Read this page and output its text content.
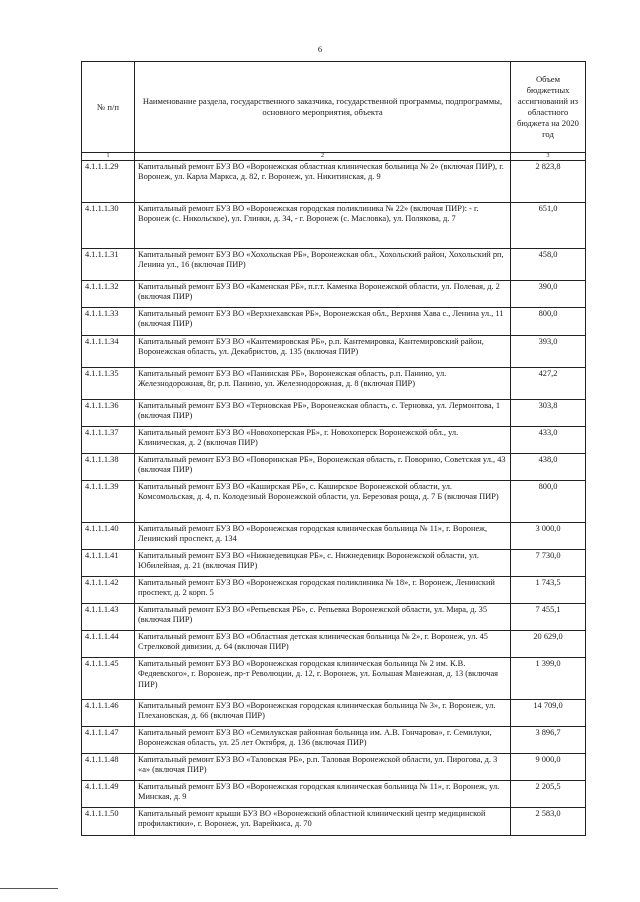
6
№ п/п	Наименование раздела, государственного заказчика, государственной программы, подпрограммы, основного мероприятия, объекта	Объем бюджетных ассигнований из областного бюджета на 2020 год
1	2	3
4.1.1.1.29	Капитальный ремонт БУЗ ВО «Воронежская областная клиническая больница № 2» (включая ПИР), г. Воронеж, ул. Карла Маркса, д. 82, г. Воронеж, ул. Никитинская, д. 9	2 823,8
4.1.1.1.30	Капитальный ремонт БУЗ ВО «Воронежская городская поликлиника № 22» (включая ПИР): - г. Воронеж (с. Никольское), ул. Глинки, д. 34, - г. Воронеж (с. Масловка), ул. Полякова, д. 7	651,0
4.1.1.1.31	Капитальный ремонт БУЗ ВО «Хохольская РБ», Воронежская обл., Хохольский район, Хохольский рп, Ленина ул., 16 (включая ПИР)	458,0
4.1.1.1.32	Капитальный ремонт БУЗ ВО «Каменская РБ», п.г.т. Каменка Воронежской области, ул. Полевая, д. 2 (включая ПИР)	390,0
4.1.1.1.33	Капитальный ремонт БУЗ ВО «Верхнехавская РБ», Воронежская обл., Верхняя Хава с., Ленина ул., 11 (включая ПИР)	800,0
4.1.1.1.34	Капитальный ремонт БУЗ ВО «Кантемировская РБ», р.п. Кантемировка, Кантемировский район, Воронежская область, ул. Декабристов, д. 135 (включая ПИР)	393,0
4.1.1.1.35	Капитальный ремонт БУЗ ВО «Панинская РБ», Воронежская область, р.п. Панино, ул. Железнодорожная, 8г, р.п. Панино, ул. Железнодорожная, д. 8 (включая ПИР)	427,2
4.1.1.1.36	Капитальный ремонт БУЗ ВО «Терновская РБ», Воронежская область, с. Терновка, ул. Лермонтова, 1 (включая ПИР)	303,8
4.1.1.1.37	Капитальный ремонт БУЗ ВО «Новохоперская РБ», г. Новохоперск Воронежской обл., ул. Клиническая, д. 2 (включая ПИР)	433,0
4.1.1.1.38	Капитальный ремонт БУЗ ВО «Поворинская РБ», Воронежская область, г. Поворино, Советская ул., 43 (включая ПИР)	438,0
4.1.1.1.39	Капитальный ремонт БУЗ ВО «Каширская РБ», с. Каширское Воронежской области, ул. Комсомольская, д. 4, п. Колодезный Воронежской области, ул. Березовая роща, д. 7 Б (включая ПИР)	800,0
4.1.1.1.40	Капитальный ремонт БУЗ ВО «Воронежская городская клиническая больница № 11», г. Воронеж, Ленинский проспект, д. 134	3 000,0
4.1.1.1.41	Капитальный ремонт БУЗ ВО «Нижнедевицкая РБ», с. Нижнедевицк Воронежской области, ул. Юбилейная, д. 21 (включая ПИР)	7 730,0
4.1.1.1.42	Капитальный ремонт БУЗ ВО «Воронежская городская поликлиника № 18», г. Воронеж, Ленинский проспект, д. 2 корп. 5	1 743,5
4.1.1.1.43	Капитальный ремонт БУЗ ВО «Репьевская РБ», с. Репьевка Воронежской области, ул. Мира, д. 35 (включая ПИР)	7 455,1
4.1.1.1.44	Капитальный ремонт БУЗ ВО «Областная детская клиническая больница № 2», г. Воронеж, ул. 45 Стрелковой дивизии, д. 64 (включая ПИР)	20 629,0
4.1.1.1.45	Капитальный ремонт БУЗ ВО «Воронежская городская клиническая больница № 2 им. К.В. Федяевского», г. Воронеж, пр-т Революции, д. 12, г. Воронеж, ул. Большая Манежная, д. 13 (включая ПИР)	1 399,0
4.1.1.1.46	Капитальный ремонт БУЗ ВО «Воронежская городская клиническая больница № 3», г. Воронеж, ул. Плехановская, д. 66 (включая ПИР)	14 709,0
4.1.1.1.47	Капитальный ремонт БУЗ ВО «Семилукская районная больница им. А.В. Гончарова», г. Семилуки, Воронежская область, ул. 25 лет Октября, д. 136 (включая ПИР)	3 896,7
4.1.1.1.48	Капитальный ремонт БУЗ ВО «Таловская РБ», р.п. Таловая Воронежской области, ул. Пирогова, д. 3 «а» (включая ПИР)	9 000,0
4.1.1.1.49	Капитальный ремонт БУЗ ВО «Воронежская городская клиническая больница № 11», г. Воронеж, ул. Минская, д. 9	2 205,5
4.1.1.1.50	Капитальный ремонт крыши БУЗ ВО «Воронежский областной клинический центр медицинской профилактики», г. Воронеж, ул. Варейкиса, д. 70	2 583,0
